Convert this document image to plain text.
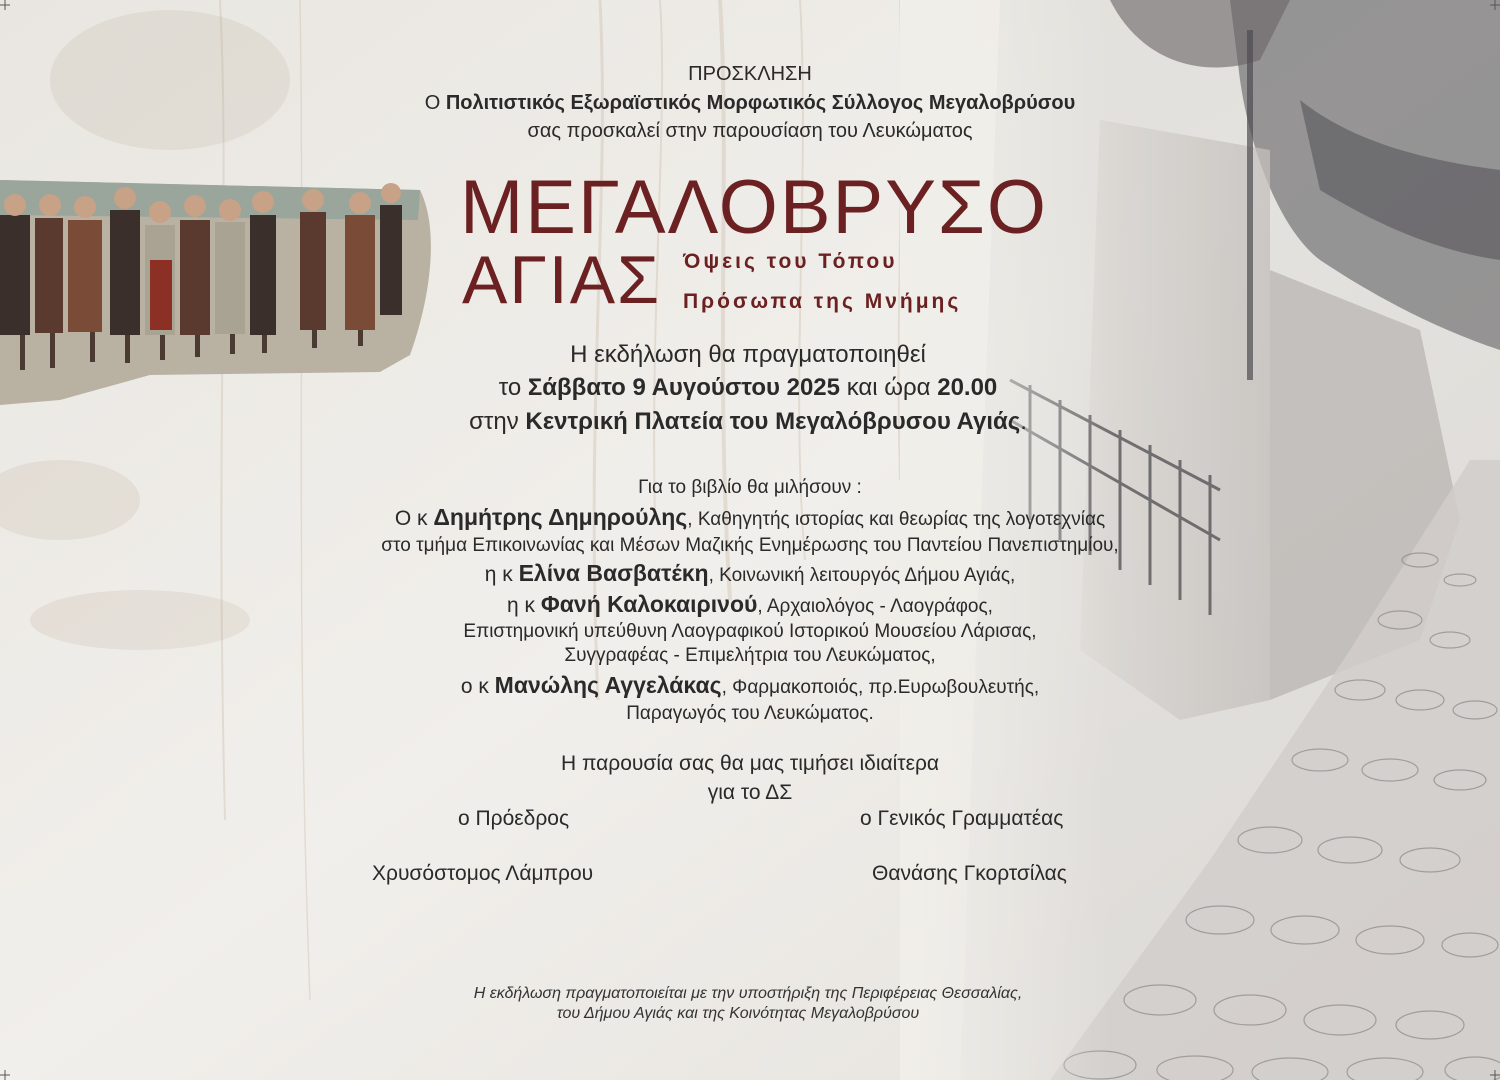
ΠΡΟΣΚΛΗΣΗ
Ο Πολιτιστικός Εξωραϊστικός Μορφωτικός Σύλλογος Μεγαλοβρύσου
σας προσκαλεί στην παρουσίαση του Λευκώματος
ΜΕΓΑΛΟΒΡΥΣΟ
ΑΓΙΑΣ Όψεις του Τόπου
Πρόσωπα της Μνήμης
Η εκδήλωση θα πραγματοποιηθεί
το Σάββατο 9 Αυγούστου 2025 και ώρα 20.00
στην Κεντρική Πλατεία του Μεγαλόβρυσου Αγιάς.
Για το βιβλίο θα μιλήσουν :
Ο κ Δημήτρης Δημηρούλης, Καθηγητής ιστορίας και θεωρίας της λογοτεχνίας
στο τμήμα Επικοινωνίας και Μέσων Μαζικής Ενημέρωσης του Παντείου Πανεπιστημίου,
η κ Ελίνα Βασβατέκη, Κοινωνική λειτουργός Δήμου Αγιάς,
η κ Φανή Καλοκαιρινού, Αρχαιολόγος - Λαογράφος,
Επιστημονική υπεύθυνη Λαογραφικού Ιστορικού Μουσείου Λάρισας,
Συγγραφέας - Επιμελήτρια του Λευκώματος,
ο κ Μανώλης Αγγελάκας, Φαρμακοποιός, πρ.Ευρωβουλευτής,
Παραγωγός του Λευκώματος.
Η παρουσία σας θα μας τιμήσει ιδιαίτερα
για το ΔΣ
ο Πρόεδρος	ο Γενικός Γραμματέας
Χρυσόστομος Λάμπρου	Θανάσης Γκορτσίλας
Η εκδήλωση πραγματοποιείται με την υποστήριξη της Περιφέρειας Θεσσαλίας,
του Δήμου Αγιάς και της Κοινότητας Μεγαλοβρύσου
